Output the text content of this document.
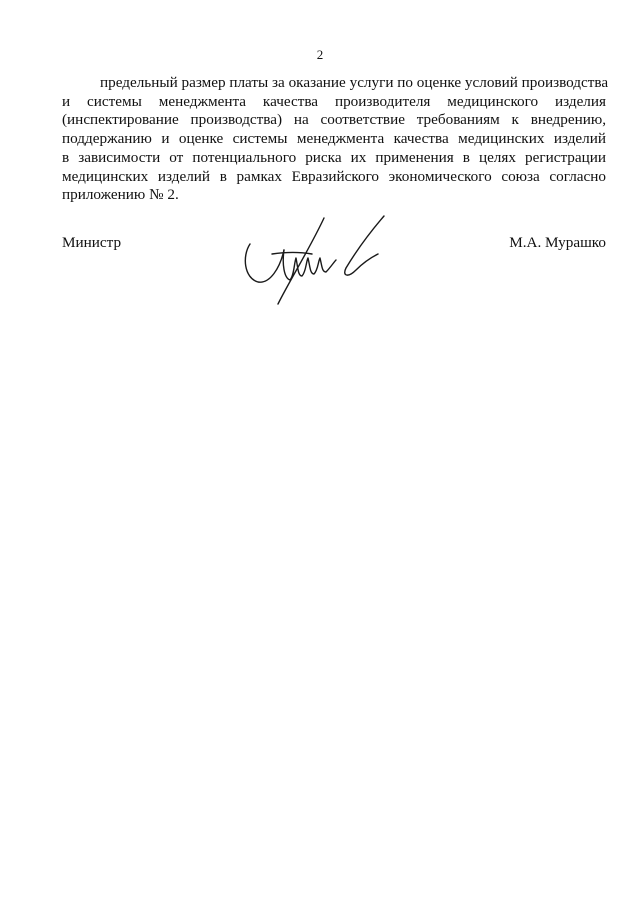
2

предельный размер платы за оказание услуги по оценке условий производства
и системы менеджмента качества производителя медицинского изделия
(инспектирование производства) на соответствие требованиям к внедрению,
поддержанию и оценке системы менеджмента качества медицинских изделий
в зависимости от потенциального риска их применения в целях регистрации
медицинских изделий в рамках Евразийского экономического союза согласно
приложению № 2.

Министр	М.А. Мурашко
